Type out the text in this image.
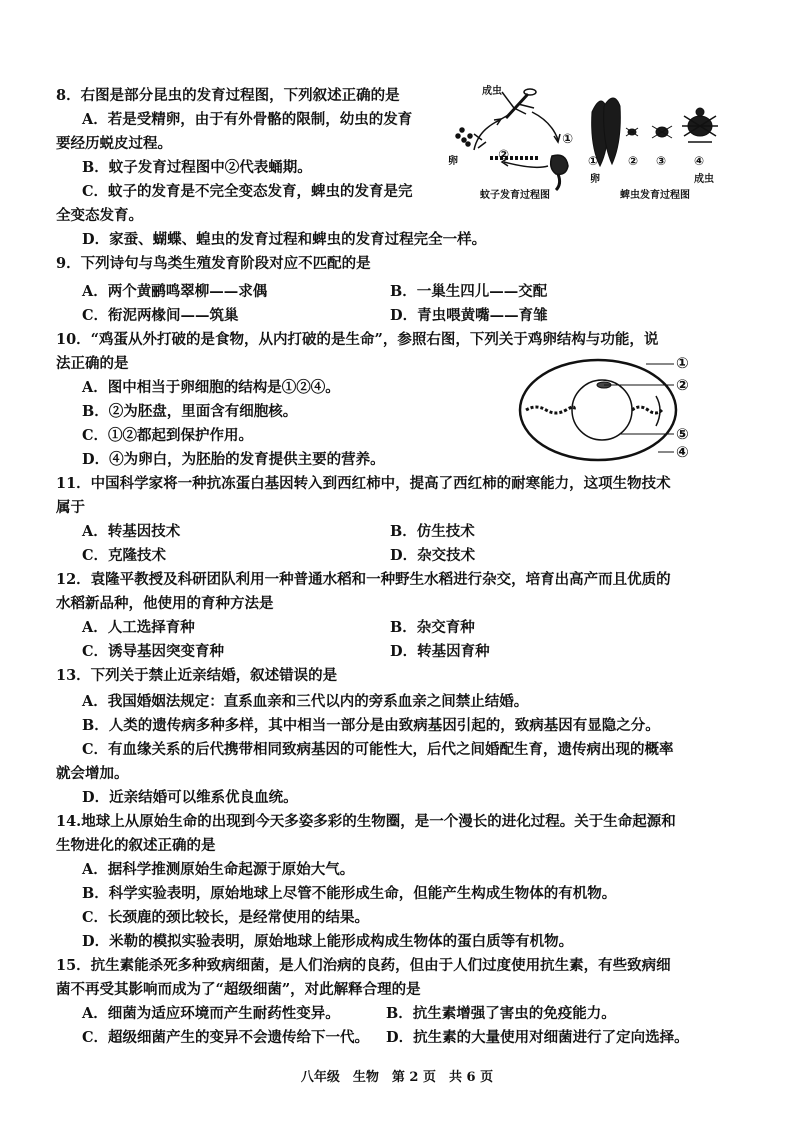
8．右图是部分昆虫的发育过程图，下列叙述正确的是
A．若是受精卵，由于有外骨骼的限制，幼虫的发育
要经历蜕皮过程。
B．蚊子发育过程图中②代表蛹期。
C．蚊子的发育是不完全变态发育，蜱虫的发育是完
全变态发育。
D．家蚕、蝴蝶、蝗虫的发育过程和蜱虫的发育过程完全一样。
成虫
卵
①
②
蚊子发育过程图
①
卵
② ③ ④
成虫
蜱虫发育过程图
9．下列诗句与鸟类生殖发育阶段对应不匹配的是
A．两个黄鹂鸣翠柳——求偶	B．一巢生四儿——交配
C．衔泥两椽间——筑巢	D．青虫喂黄嘴——育雏
10．“鸡蛋从外打破的是食物，从内打破的是生命”，参照右图，下列关于鸡卵结构与功能，说
法正确的是
A．图中相当于卵细胞的结构是①②④。
B．②为胚盘，里面含有细胞核。
C．①②都起到保护作用。
D．④为卵白，为胚胎的发育提供主要的营养。
①
②
⑤
④
11．中国科学家将一种抗冻蛋白基因转入到西红柿中，提高了西红柿的耐寒能力，这项生物技术
属于
A．转基因技术	B．仿生技术
C．克隆技术	D．杂交技术
12．袁隆平教授及科研团队利用一种普通水稻和一种野生水稻进行杂交，培育出高产而且优质的
水稻新品种，他使用的育种方法是
A．人工选择育种	B．杂交育种
C．诱导基因突变育种	D．转基因育种
13．下列关于禁止近亲结婚，叙述错误的是
A．我国婚姻法规定：直系血亲和三代以内的旁系血亲之间禁止结婚。
B．人类的遗传病多种多样，其中相当一部分是由致病基因引起的，致病基因有显隐之分。
C．有血缘关系的后代携带相同致病基因的可能性大，后代之间婚配生育，遗传病出现的概率
就会增加。
D．近亲结婚可以维系优良血统。
14.地球上从原始生命的出现到今天多姿多彩的生物圈，是一个漫长的进化过程。关于生命起源和
生物进化的叙述正确的是
A．据科学推测原始生命起源于原始大气。
B．科学实验表明，原始地球上尽管不能形成生命，但能产生构成生物体的有机物。
C．长颈鹿的颈比较长，是经常使用的结果。
D．米勒的模拟实验表明，原始地球上能形成构成生物体的蛋白质等有机物。
15．抗生素能杀死多种致病细菌，是人们治病的良药，但由于人们过度使用抗生素，有些致病细
菌不再受其影响而成为了“超级细菌”，对此解释合理的是
A．细菌为适应环境而产生耐药性变异。	B．抗生素增强了害虫的免疫能力。
C．超级细菌产生的变异不会遗传给下一代。 D．抗生素的大量使用对细菌进行了定向选择。
八年级　生物　第 2 页　共 6 页
